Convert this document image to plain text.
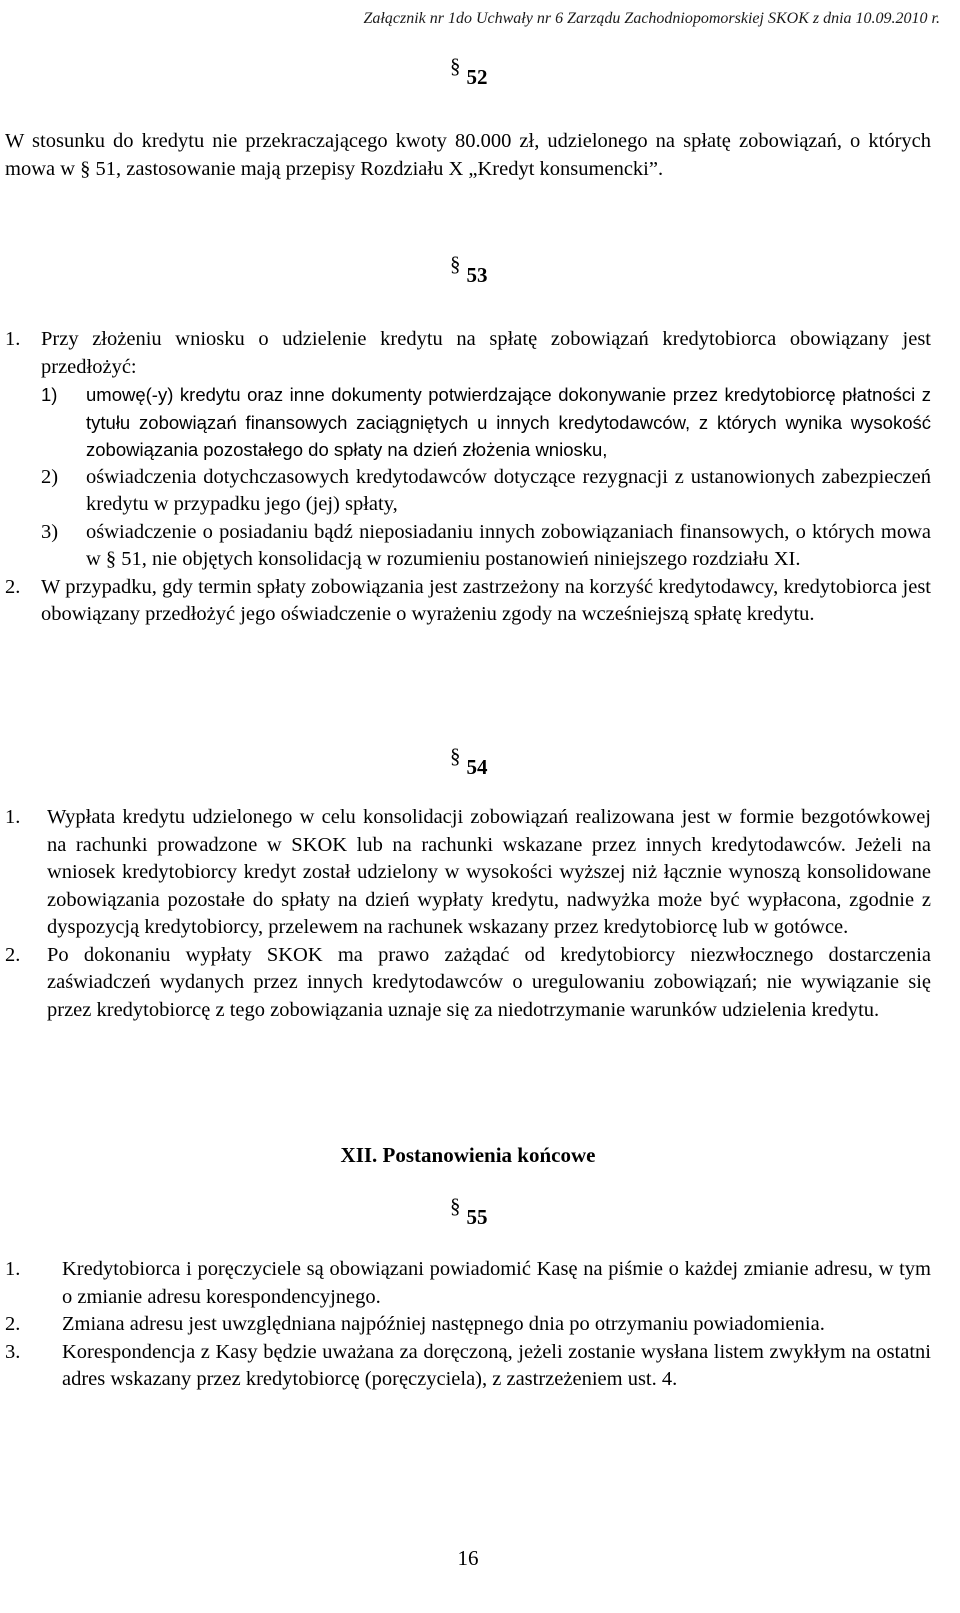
Załącznik nr 1do Uchwały nr 6 Zarządu Zachodniopomorskiej SKOK z dnia 10.09.2010 r.
§ 52
W stosunku do kredytu nie przekraczającego kwoty 80.000 zł, udzielonego na spłatę zobowiązań, o których mowa w § 51, zastosowanie mają przepisy Rozdziału X „Kredyt konsumencki”.
§ 53
1. Przy złożeniu wniosku o udzielenie kredytu na spłatę zobowiązań kredytobiorca obowiązany jest przedłożyć:
1) umowę(-y) kredytu oraz inne dokumenty potwierdzające dokonywanie przez kredytobiorcę płatności z tytułu zobowiązań finansowych zaciągniętych u innych kredytodawców, z których wynika wysokość zobowiązania pozostałego do spłaty na dzień złożenia wniosku,
2) oświadczenia dotychczasowych kredytodawców dotyczące rezygnacji z ustanowionych zabezpieczeń kredytu w przypadku jego (jej) spłaty,
3) oświadczenie o posiadaniu bądź nieposiadaniu innych zobowiązaniach finansowych, o których mowa w § 51, nie objętych konsolidacją w rozumieniu postanowień niniejszego rozdziału XI.
2. W przypadku, gdy termin spłaty zobowiązania jest zastrzeżony na korzyść kredytodawcy, kredytobiorca jest obowiązany przedłożyć jego oświadczenie o wyrażeniu zgody na wcześniejszą spłatę kredytu.
§ 54
1. Wypłata kredytu udzielonego w celu konsolidacji zobowiązań realizowana jest w formie bezgotówkowej na rachunki prowadzone w SKOK lub na rachunki wskazane przez innych kredytodawców. Jeżeli na wniosek kredytobiorcy kredyt został udzielony w wysokości wyższej niż łącznie wynoszą konsolidowane zobowiązania pozostałe do spłaty na dzień wypłaty kredytu, nadwyżka może być wypłacona, zgodnie z dyspozycją kredytobiorcy, przelewem na rachunek wskazany przez kredytobiorcę lub w gotówce.
2. Po dokonaniu wypłaty SKOK ma prawo zażądać od kredytobiorcy niezwłocznego dostarczenia zaświadczeń wydanych przez innych kredytodawców o uregulowaniu zobowiązań; nie wywiązanie się przez kredytobiorcę z tego zobowiązania uznaje się za niedotrzymanie warunków udzielenia kredytu.
XII. Postanowienia końcowe
§ 55
1. Kredytobiorca i poręczyciele są obowiązani powiadomić Kasę na piśmie o każdej zmianie adresu, w tym o zmianie adresu korespondencyjnego.
2. Zmiana adresu jest uwzględniana najpóźniej następnego dnia po otrzymaniu powiadomienia.
3. Korespondencja z Kasy będzie uważana za doręczoną, jeżeli zostanie wysłana listem zwykłym na ostatni adres wskazany przez kredytobiorcę (poręczyciela), z zastrzeżeniem ust. 4.
16
